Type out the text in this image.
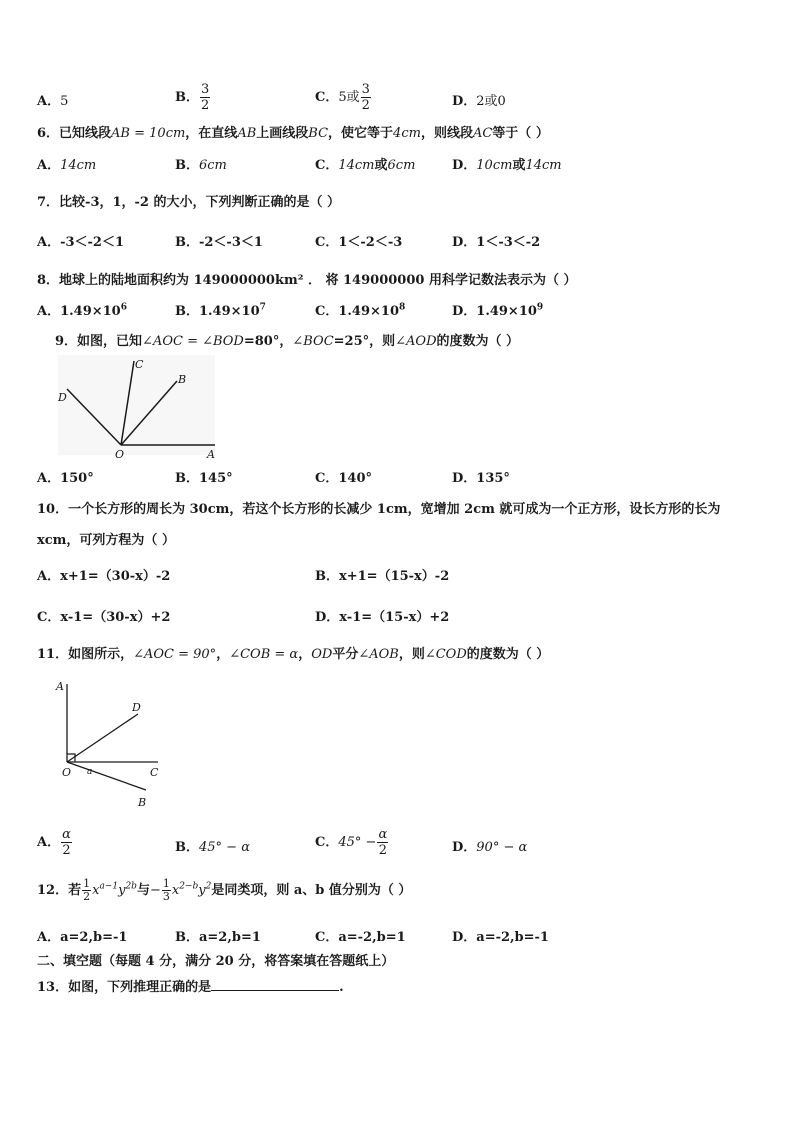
A．5	B． $\frac{3}{2}$	C．5或 $\frac{3}{2}$	D．2或0
6．已知线段AB = 10cm，在直线AB上画线段BC，使它等于4cm，则线段AC等于（ ）
A．14cm	B．6cm	C．14cm或6cm	D．10cm或14cm
7．比较-3，1，-2 的大小，下列判断正确的是（ ）
A．-3＜-2＜1	B．-2＜-3＜1	C．1＜-2＜-3	D．1＜-3＜-2
8．地球上的陆地面积约为 149000000km² ． 将 149000000 用科学记数法表示为（ ）
A．$1.49\times 10^6$	B．$1.49\times 10^7$	C．$1.49\times 10^8$	D．$1.49\times 10^9$
9．如图，已知∠AOC = ∠BOD=80°，∠BOC=25°，则∠AOD的度数为（ ）
C
B
D
O	A
A．150°	B．145°	C．140°	D．135°
10．一个长方形的周长为 30cm，若这个长方形的长减少 1cm，宽增加 2cm 就可成为一个正方形，设长方形的长为
xcm，可列方程为（ ）
A．x+1=（30-x）-2	B．x+1=（15-x）-2
C．x-1=（30-x）+2	D．x-1=（15-x）+2
11．如图所示，∠AOC = 90°，∠COB = α，OD平分∠AOB，则∠COD的度数为（ ）
A
D
O a	C
B
A． $\frac{\alpha}{2}$	B．45° − α	C．$45^\circ - \frac{\alpha}{2}$	D．90° − α
12．若 $\frac{1}{2} x^{a-1}y^{2b}$与− $\frac{1}{3} x^{2-b}y^2$是同类项，则 a、b 值分别为（ ）
A．a=2,b=-1	B．a=2,b=1	C．a=-2,b=1	D．a=-2,b=-1
二、填空题（每题 4 分，满分 20 分，将答案填在答题纸上）
13．如图，下列推理正确的是	.
